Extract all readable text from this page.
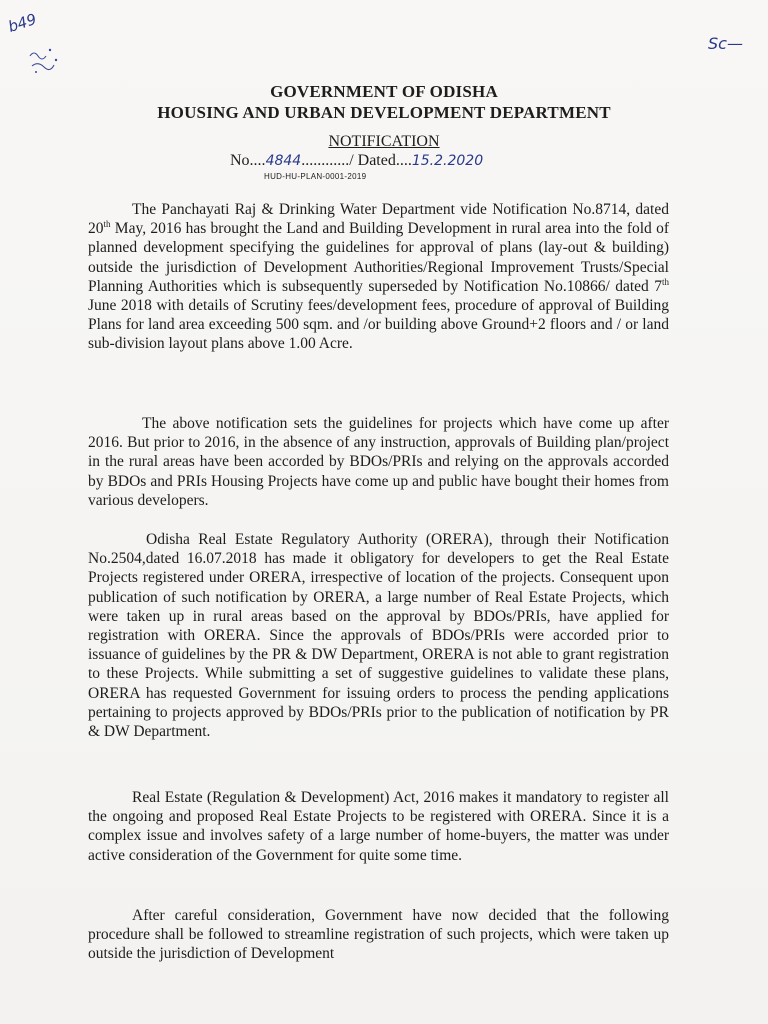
b49
Sc—
GOVERNMENT OF ODISHA
HOUSING AND URBAN DEVELOPMENT DEPARTMENT
NOTIFICATION
No....4844............/ Dated....15.2.2020
HUD-HU-PLAN-0001-2019
The Panchayati Raj & Drinking Water Department vide Notification No.8714, dated 20th May, 2016 has brought the Land and Building Development in rural area into the fold of planned development specifying the guidelines for approval of plans (lay-out & building) outside the jurisdiction of Development Authorities/Regional Improvement Trusts/Special Planning Authorities which is subsequently superseded by Notification No.10866/ dated 7th June 2018 with details of Scrutiny fees/development fees, procedure of approval of Building Plans for land area exceeding 500 sqm. and /or building above Ground+2 floors and / or land sub-division layout plans above 1.00 Acre.
The above notification sets the guidelines for projects which have come up after 2016. But prior to 2016, in the absence of any instruction, approvals of Building plan/project in the rural areas have been accorded by BDOs/PRIs and relying on the approvals accorded by BDOs and PRIs Housing Projects have come up and public have bought their homes from various developers.
Odisha Real Estate Regulatory Authority (ORERA), through their Notification No.2504,dated 16.07.2018 has made it obligatory for developers to get the Real Estate Projects registered under ORERA, irrespective of location of the projects. Consequent upon publication of such notification by ORERA, a large number of Real Estate Projects, which were taken up in rural areas based on the approval by BDOs/PRIs, have applied for registration with ORERA. Since the approvals of BDOs/PRIs were accorded prior to issuance of guidelines by the PR & DW Department, ORERA is not able to grant registration to these Projects. While submitting a set of suggestive guidelines to validate these plans, ORERA has requested Government for issuing orders to process the pending applications pertaining to projects approved by BDOs/PRIs prior to the publication of notification by PR & DW Department.
Real Estate (Regulation & Development) Act, 2016 makes it mandatory to register all the ongoing and proposed Real Estate Projects to be registered with ORERA. Since it is a complex issue and involves safety of a large number of home-buyers, the matter was under active consideration of the Government for quite some time.
After careful consideration, Government have now decided that the following procedure shall be followed to streamline registration of such projects, which were taken up outside the jurisdiction of Development
